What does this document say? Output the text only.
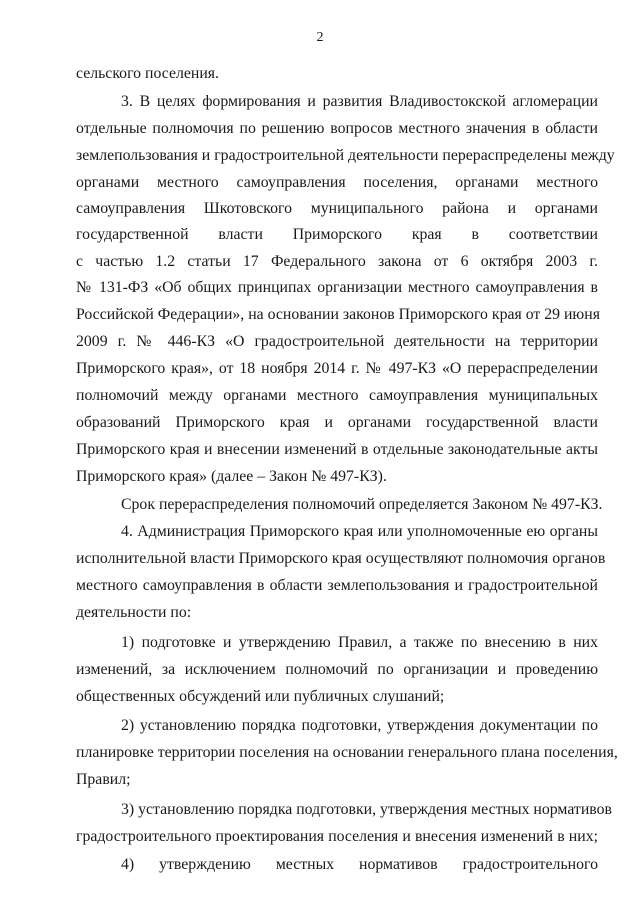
2
сельского поселения.
3. В целях формирования и развития Владивостокской агломерации
отдельные полномочия по решению вопросов местного значения в области
землепользования и градостроительной деятельности перераспределены между
органами местного самоуправления поселения, органами местного
самоуправления Шкотовского муниципального района и органами
государственной власти Приморского края в соответствии
с частью 1.2 статьи 17 Федерального закона от 6 октября 2003 г.
№ 131-ФЗ «Об общих принципах организации местного самоуправления в
Российской Федерации», на основании законов Приморского края от 29 июня
2009 г. № 446-КЗ «О градостроительной деятельности на территории
Приморского края», от 18 ноября 2014 г. № 497-КЗ «О перераспределении
полномочий между органами местного самоуправления муниципальных
образований Приморского края и органами государственной власти
Приморского края и внесении изменений в отдельные законодательные акты
Приморского края» (далее – Закон № 497-КЗ).
Срок перераспределения полномочий определяется Законом № 497-КЗ.
4. Администрация Приморского края или уполномоченные ею органы
исполнительной власти Приморского края осуществляют полномочия органов
местного самоуправления в области землепользования и градостроительной
деятельности по:
1) подготовке и утверждению Правил, а также по внесению в них
изменений, за исключением полномочий по организации и проведению
общественных обсуждений или публичных слушаний;
2) установлению порядка подготовки, утверждения документации по
планировке территории поселения на основании генерального плана поселения,
Правил;
3) установлению порядка подготовки, утверждения местных нормативов
градостроительного проектирования поселения и внесения изменений в них;
4) утверждению местных нормативов градостроительного
